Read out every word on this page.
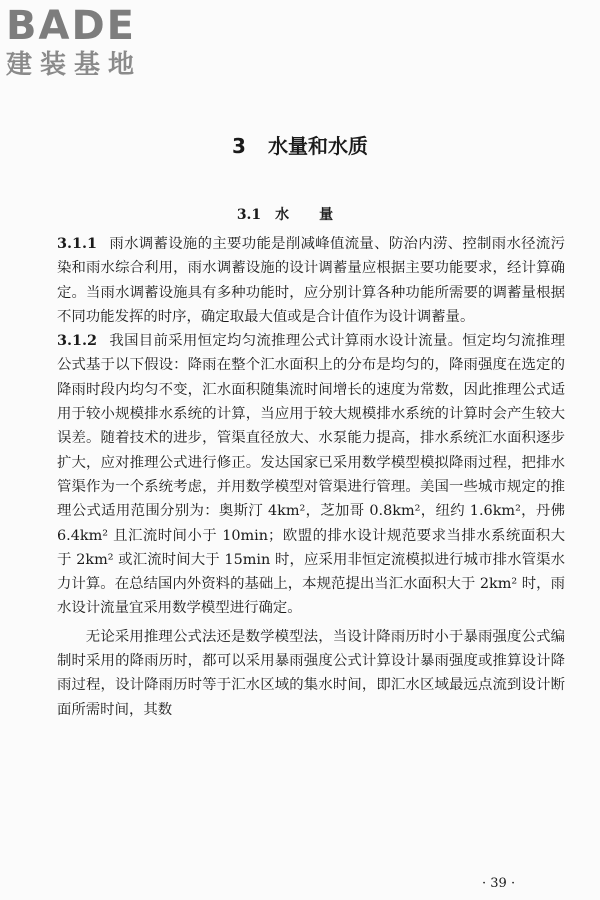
BADE
建装基地
3 水量和水质
3.1 水量

3.1.1 雨水调蓄设施的主要功能是削减峰值流量、防治内涝、控制雨水径流污染和雨水综合利用，雨水调蓄设施的设计调蓄量应根据主要功能要求，经计算确定。当雨水调蓄设施具有多种功能时，应分别计算各种功能所需要的调蓄量根据不同功能发挥的时序，确定取最大值或是合计值作为设计调蓄量。

3.1.2 我国目前采用恒定均匀流推理公式计算雨水设计流量。恒定均匀流推理公式基于以下假设：降雨在整个汇水面积上的分布是均匀的，降雨强度在选定的降雨时段内均匀不变，汇水面积随集流时间增长的速度为常数，因此推理公式适用于较小规模排水系统的计算，当应用于较大规模排水系统的计算时会产生较大误差。随着技术的进步，管渠直径放大、水泵能力提高，排水系统汇水面积逐步扩大，应对推理公式进行修正。发达国家已采用数学模型模拟降雨过程，把排水管渠作为一个系统考虑，并用数学模型对管渠进行管理。美国一些城市规定的推理公式适用范围分别为：奥斯汀 4km²，芝加哥 0.8km²，纽约 1.6km²，丹佛 6.4km² 且汇流时间小于 10min；欧盟的排水设计规范要求当排水系统面积大于 2km² 或汇流时间大于 15min 时，应采用非恒定流模拟进行城市排水管渠水力计算。在总结国内外资料的基础上，本规范提出当汇水面积大于 2km² 时，雨水设计流量宜采用数学模型进行确定。

无论采用推理公式法还是数学模型法，当设计降雨历时小于暴雨强度公式编制时采用的降雨历时，都可以采用暴雨强度公式计算设计暴雨强度或推算设计降雨过程，设计降雨历时等于汇水区域的集水时间，即汇水区域最远点流到设计断面所需时间，其数

· 39 ·
